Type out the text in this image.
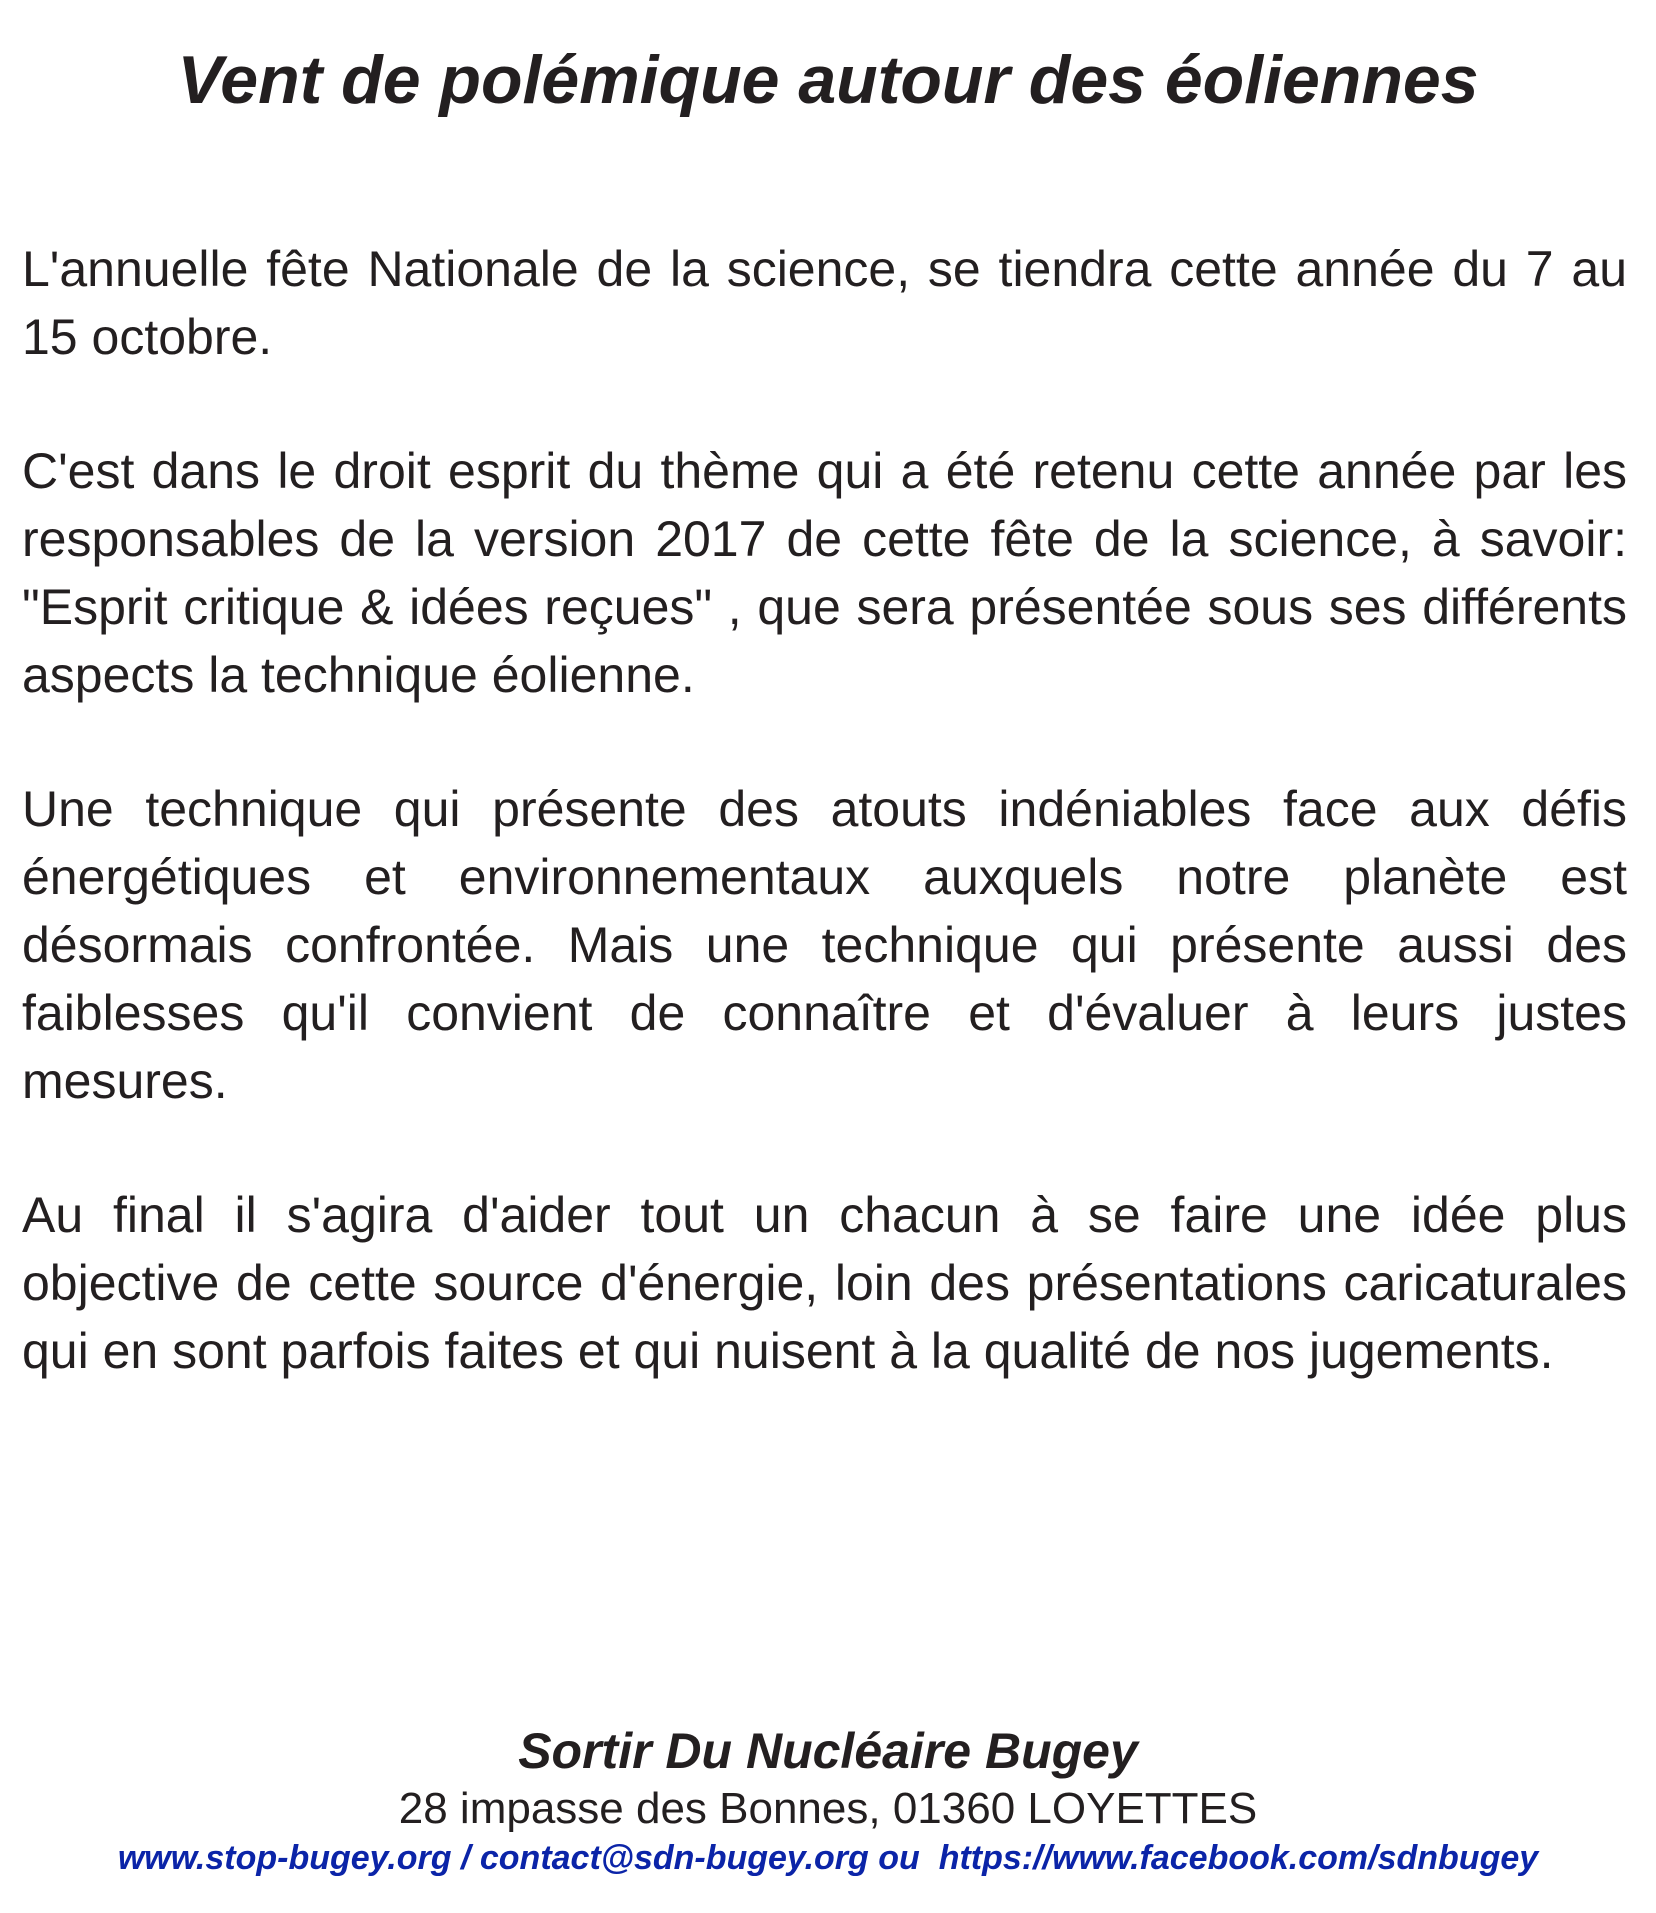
Vent de polémique autour des éoliennes

L'annuelle fête Nationale de la science, se tiendra cette année du 7 au 15 octobre.

C'est dans le droit esprit du thème qui a été retenu cette année par les responsables de la version 2017 de cette fête de la science, à savoir: "Esprit critique & idées reçues" , que sera présentée sous ses différents aspects la technique éolienne.

Une technique qui présente des atouts indéniables face aux défis énergétiques et environnementaux auxquels notre planète est désormais confrontée. Mais une technique qui présente aussi des faiblesses qu'il convient de connaître et d'évaluer à leurs justes mesures.

Au final il s'agira d'aider tout un chacun à se faire une idée plus objective de cette source d'énergie, loin des présentations caricaturales qui en sont parfois faites et qui nuisent à la qualité de nos jugements.

Sortir Du Nucléaire Bugey

28 impasse des Bonnes, 01360 LOYETTES

www.stop-bugey.org / contact@sdn-bugey.org ou  https://www.facebook.com/sdnbugey
